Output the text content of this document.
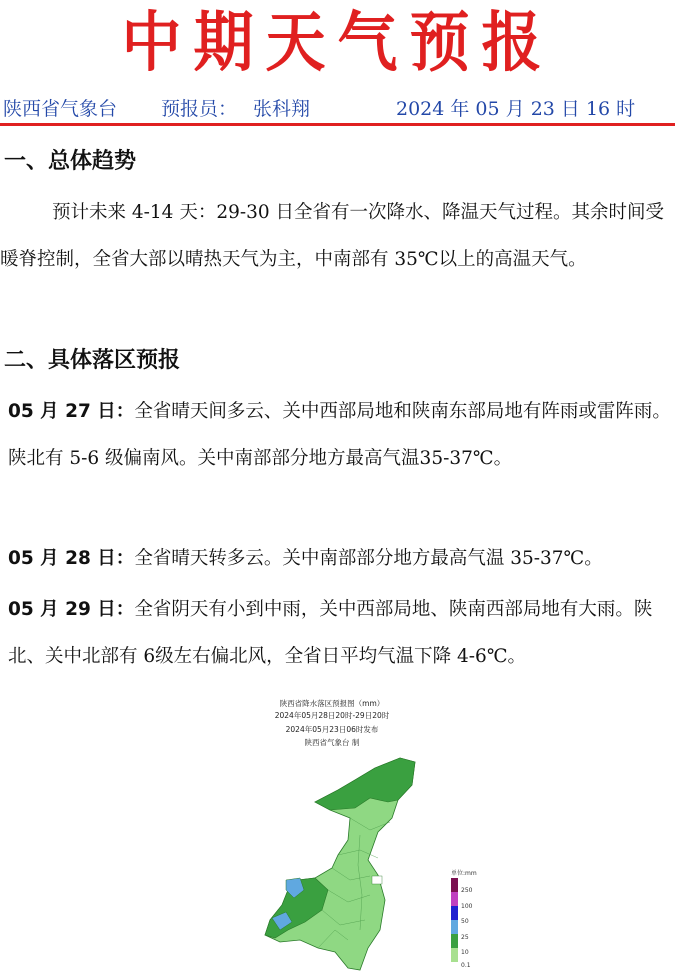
中期天气预报
陕西省气象台 预报员： 张科翔	2024 年 05 月 23 日 16 时
一、总体趋势
预计未来 4-14 天：29-30 日全省有一次降水、降温天气过程。其余时间受暖脊控制，全省大部以晴热天气为主，中南部有 35℃以上的高温天气。
二、具体落区预报
05 月 27 日：全省晴天间多云、关中西部局地和陕南东部局地有阵雨或雷阵雨。陕北有 5-6 级偏南风。关中南部部分地方最高气温35-37℃。
05 月 28 日：全省晴天转多云。关中南部部分地方最高气温 35-37℃。
05 月 29 日：全省阴天有小到中雨，关中西部局地、陕南西部局地有大雨。陕北、关中北部有 6级左右偏北风，全省日平均气温下降 4-6℃。
陕西省降水落区预报图（mm）
2024年05月28日20时-29日20时
2024年05月23日06时发布
陕西省气象台 制
单位:mm
250
100
50
25
10
0.1
